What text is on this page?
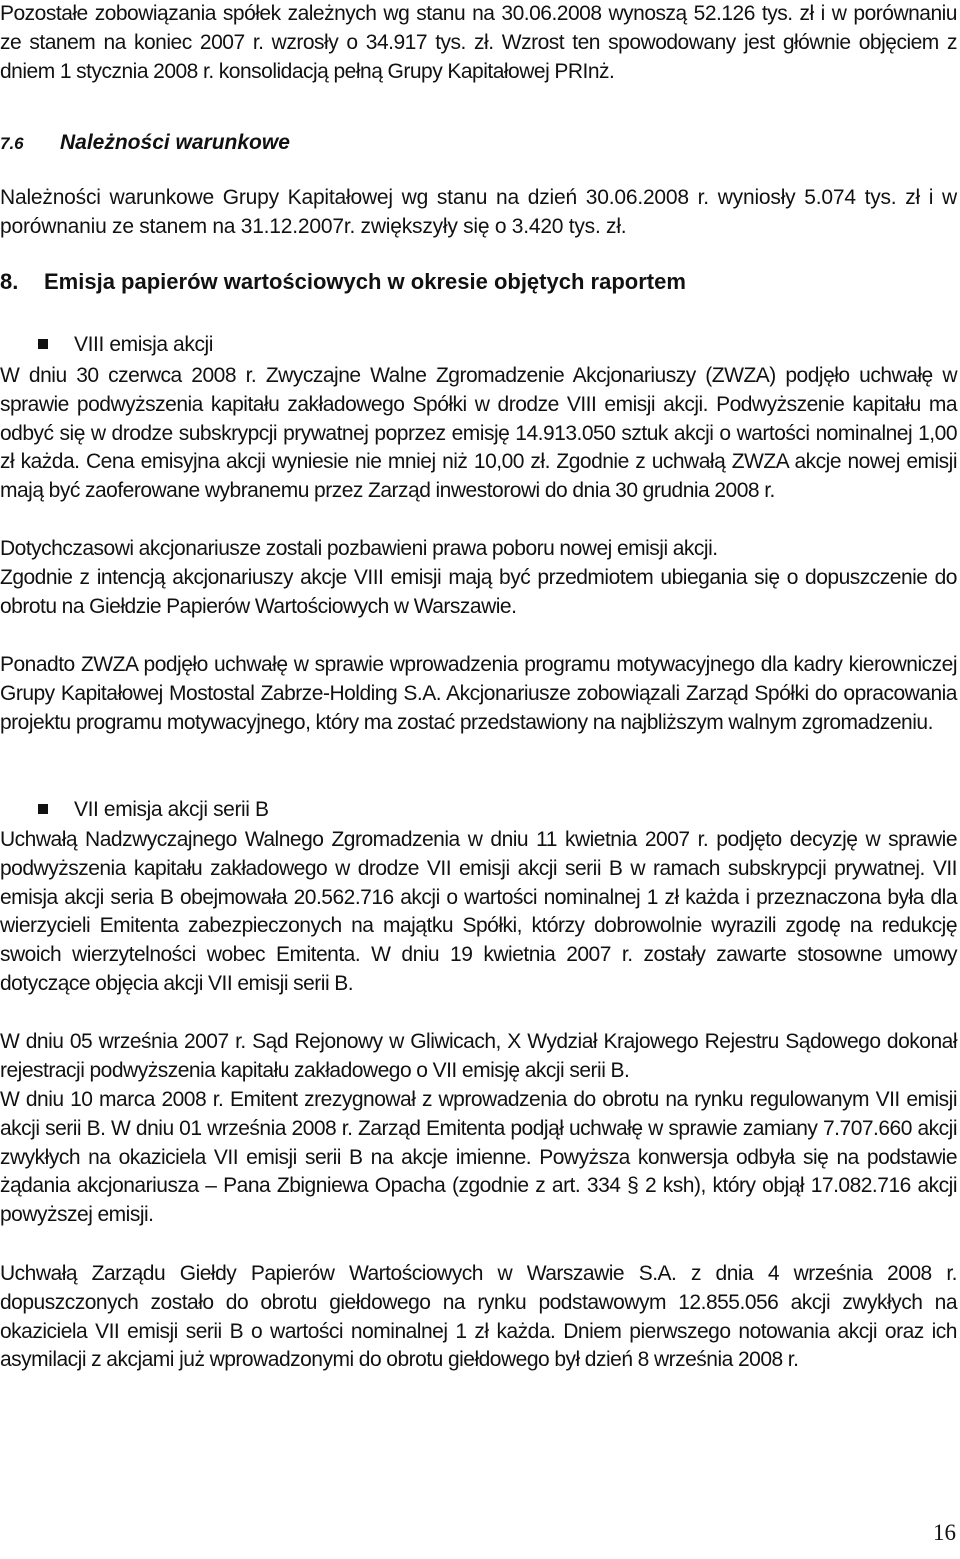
Pozostałe zobowiązania spółek zależnych wg stanu na 30.06.2008 wynoszą 52.126 tys. zł i w porównaniu ze stanem na koniec 2007 r. wzrosły o 34.917 tys. zł. Wzrost ten spowodowany jest głównie objęciem z dniem 1 stycznia 2008 r. konsolidacją pełną Grupy Kapitałowej PRInż.

7.6 Należności warunkowe

Należności warunkowe Grupy Kapitałowej wg stanu na dzień 30.06.2008 r. wyniosły 5.074 tys. zł i w porównaniu ze stanem na 31.12.2007r. zwiększyły się o 3.420 tys. zł.

8. Emisja papierów wartościowych w okresie objętych raportem
VIII emisja akcji

W dniu 30 czerwca 2008 r. Zwyczajne Walne Zgromadzenie Akcjonariuszy (ZWZA) podjęło uchwałę w sprawie podwyższenia kapitału zakładowego Spółki w drodze VIII emisji akcji. Podwyższenie kapitału ma odbyć się w drodze subskrypcji prywatnej poprzez emisję 14.913.050 sztuk akcji o wartości nominalnej 1,00 zł każda. Cena emisyjna akcji wyniesie nie mniej niż 10,00 zł. Zgodnie z uchwałą ZWZA akcje nowej emisji mają być zaoferowane wybranemu przez Zarząd inwestorowi do dnia 30 grudnia 2008 r.

Dotychczasowi akcjonariusze zostali pozbawieni prawa poboru nowej emisji akcji.

Zgodnie z intencją akcjonariuszy akcje VIII emisji mają być przedmiotem ubiegania się o dopuszczenie do obrotu na Giełdzie Papierów Wartościowych w Warszawie.

Ponadto ZWZA podjęło uchwałę w sprawie wprowadzenia programu motywacyjnego dla kadry kierowniczej Grupy Kapitałowej Mostostal Zabrze-Holding S.A. Akcjonariusze zobowiązali Zarząd Spółki do opracowania projektu programu motywacyjnego, który ma zostać przedstawiony na najbliższym walnym zgromadzeniu.

VII emisja akcji serii B

Uchwałą Nadzwyczajnego Walnego Zgromadzenia w dniu 11 kwietnia 2007 r. podjęto decyzję w sprawie podwyższenia kapitału zakładowego w drodze VII emisji akcji serii B w ramach subskrypcji prywatnej. VII emisja akcji seria B obejmowała 20.562.716 akcji o wartości nominalnej 1 zł każda i przeznaczona była dla wierzycieli Emitenta zabezpieczonych na majątku Spółki, którzy dobrowolnie wyrazili zgodę na redukcję swoich wierzytelności wobec Emitenta. W dniu 19 kwietnia 2007 r. zostały zawarte stosowne umowy dotyczące objęcia akcji VII emisji serii B.

W dniu 05 września 2007 r. Sąd Rejonowy w Gliwicach, X Wydział Krajowego Rejestru Sądowego dokonał rejestracji podwyższenia kapitału zakładowego o VII emisję akcji serii B.

W dniu 10 marca 2008 r. Emitent zrezygnował z wprowadzenia do obrotu na rynku regulowanym VII emisji akcji serii B. W dniu 01 września 2008 r. Zarząd Emitenta podjął uchwałę w sprawie zamiany 7.707.660 akcji zwykłych na okaziciela VII emisji serii B na akcje imienne. Powyższa konwersja odbyła się na podstawie żądania akcjonariusza – Pana Zbigniewa Opacha (zgodnie z art. 334 § 2 ksh), który objął 17.082.716 akcji powyższej emisji.

Uchwałą Zarządu Giełdy Papierów Wartościowych w Warszawie S.A. z dnia 4 września 2008 r. dopuszczonych zostało do obrotu giełdowego na rynku podstawowym 12.855.056 akcji zwykłych na okaziciela VII emisji serii B o wartości nominalnej 1 zł każda. Dniem pierwszego notowania akcji oraz ich asymilacji z akcjami już wprowadzonymi do obrotu giełdowego był dzień 8 września 2008 r.

16
